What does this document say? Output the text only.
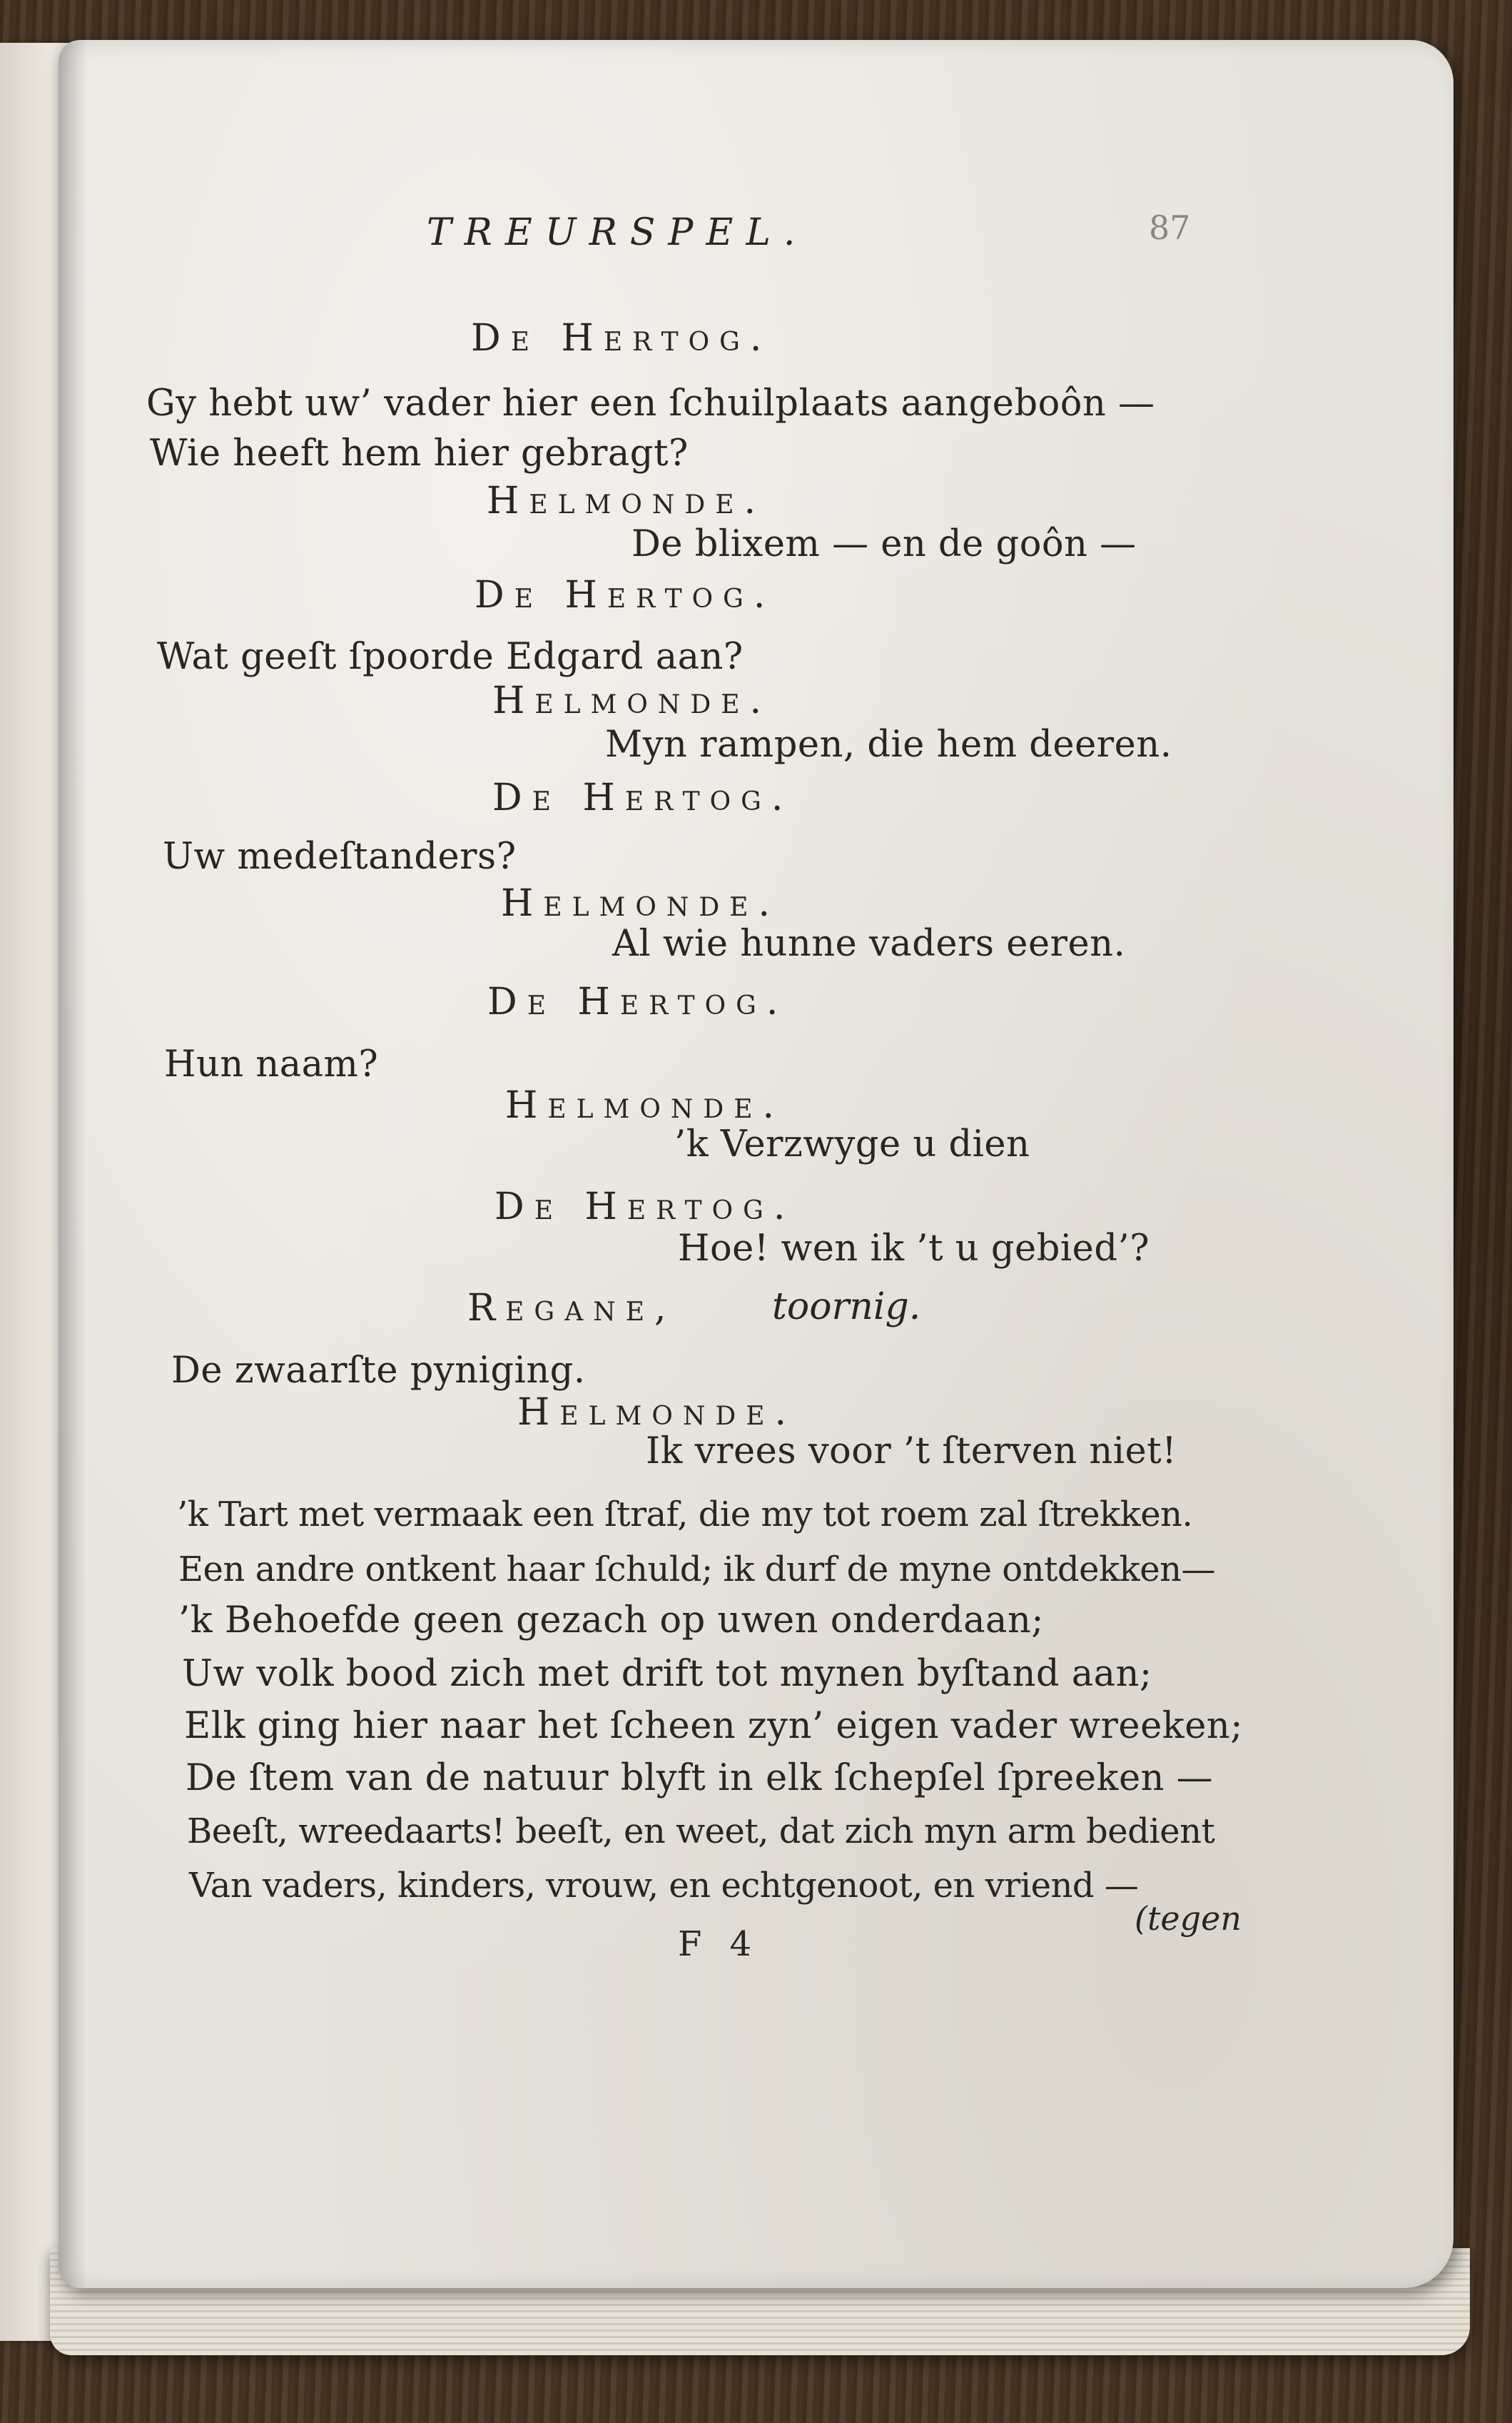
TREURSPEL.	87
De Hertog.
Gy hebt uw’ vader hier een ſchuilplaats aangeboôn —
Wie heeft hem hier gebragt?
Helmonde.
De blixem — en de goôn —
De Hertog.
Wat geeſt ſpoorde Edgard aan?
Helmonde.
Myn rampen, die hem deeren.
De Hertog.
Uw medeſtanders?
Helmonde.
Al wie hunne vaders eeren.
De Hertog.
Hun naam?
Helmonde.
’k Verzwyge u dien
De Hertog.
Hoe! wen ik ’t u gebied’?
Regane,	toornig.
De zwaarſte pyniging.
Helmonde.
Ik vrees voor ’t ſterven niet!
’k Tart met vermaak een ſtraf, die my tot roem zal ſtrekken.
Een andre ontkent haar ſchuld; ik durf de myne ontdekken—
’k Behoefde geen gezach op uwen onderdaan;
Uw volk bood zich met drift tot mynen byſtand aan;
Elk ging hier naar het ſcheen zyn’ eigen vader wreeken;
De ſtem van de natuur blyft in elk ſchepſel ſpreeken —
Beeſt, wreedaarts! beeſt, en weet, dat zich myn arm bedient
Van vaders, kinders, vrouw, en echtgenoot, en vriend —
F 4
(tegen
